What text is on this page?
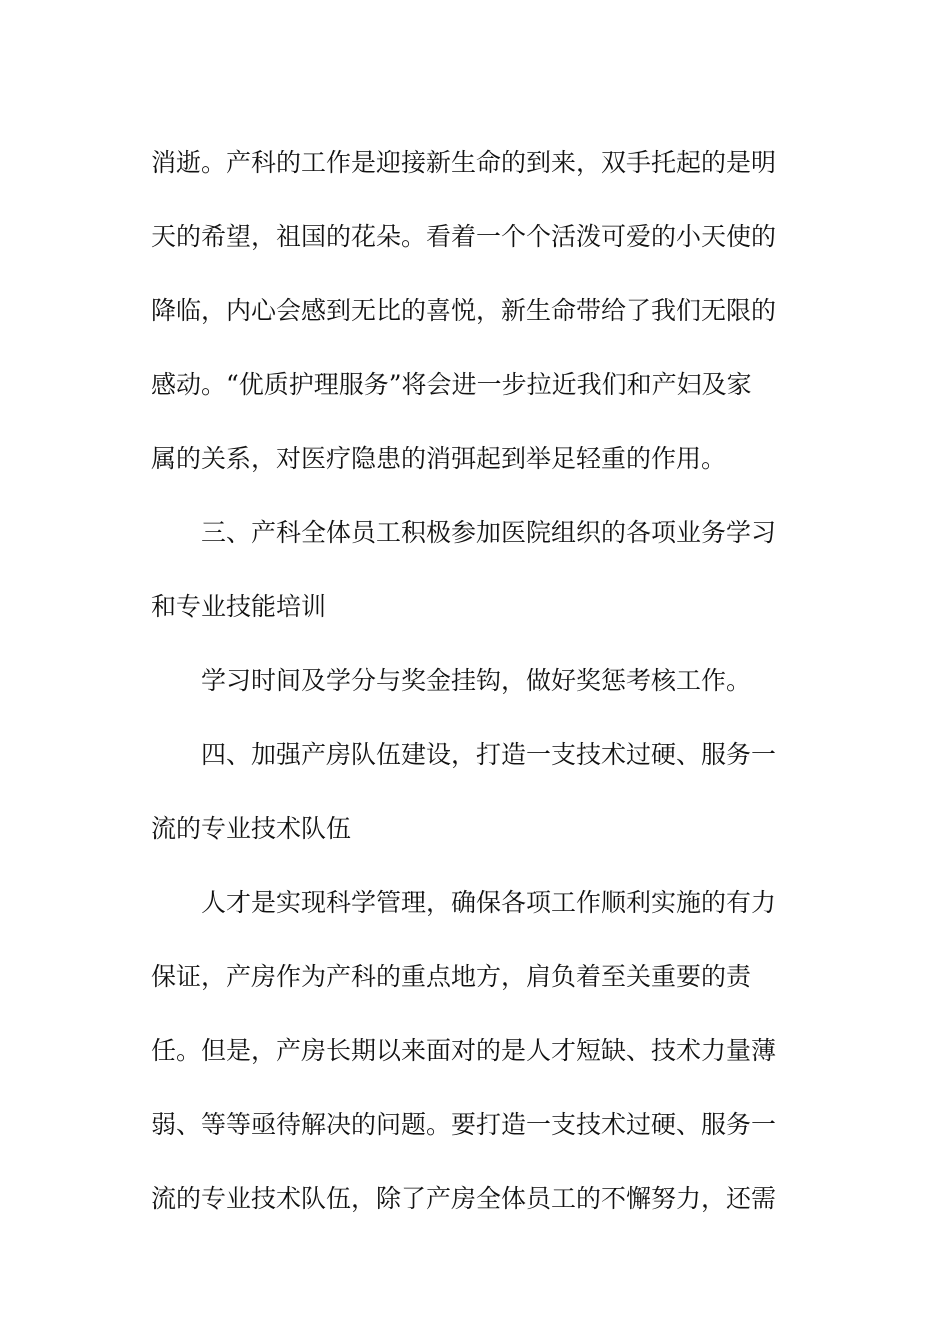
消逝。产科的工作是迎接新生命的到来，双手托起的是明
天的希望，祖国的花朵。看着一个个活泼可爱的小天使的
降临，内心会感到无比的喜悦，新生命带给了我们无限的
感动。“优质护理服务”将会进一步拉近我们和产妇及家
属的关系，对医疗隐患的消弭起到举足轻重的作用。
三、产科全体员工积极参加医院组织的各项业务学习
和专业技能培训
学习时间及学分与奖金挂钩，做好奖惩考核工作。
四、加强产房队伍建设，打造一支技术过硬、服务一
流的专业技术队伍
人才是实现科学管理，确保各项工作顺利实施的有力
保证，产房作为产科的重点地方，肩负着至关重要的责
任。但是，产房长期以来面对的是人才短缺、技术力量薄
弱、等等亟待解决的问题。要打造一支技术过硬、服务一
流的专业技术队伍，除了产房全体员工的不懈努力，还需
